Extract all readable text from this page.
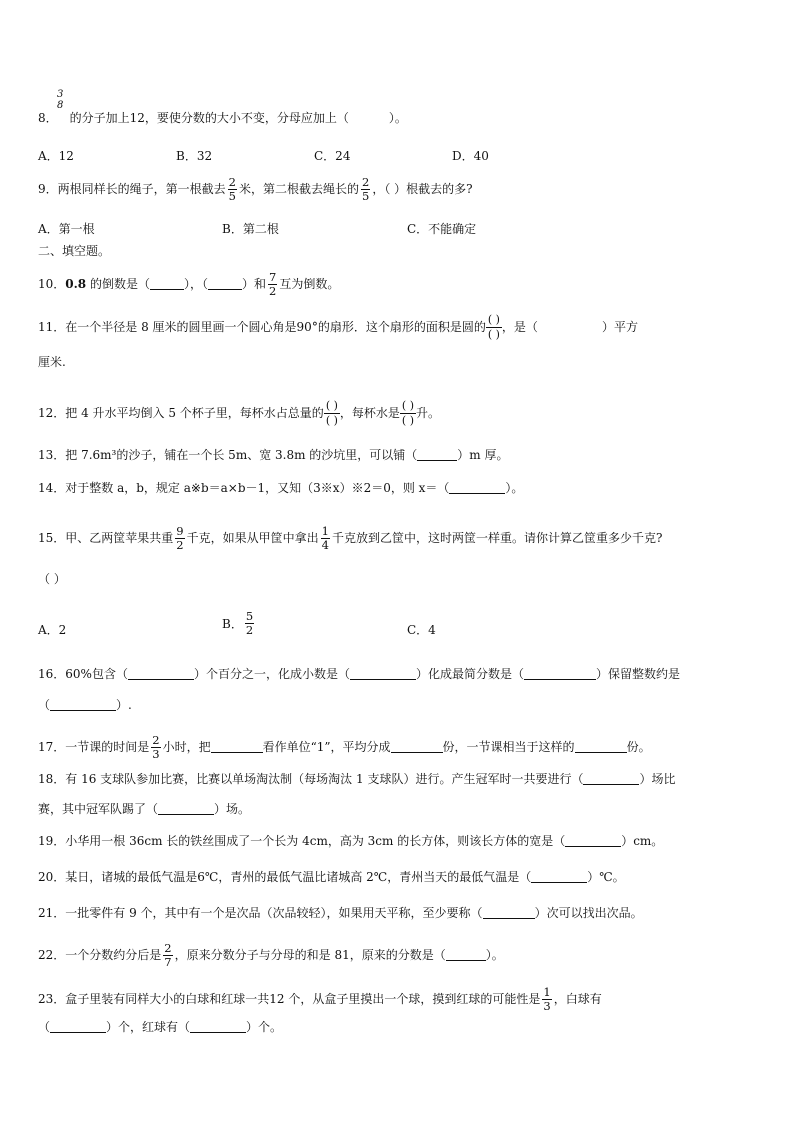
3
8
8． 的分子加上12，要使分数的大小不变，分母应加上（	）。
A．12	B．32	C．24	D．40
9．两根同样长的绳子，第一根截去 $\frac{2}{5}$ 米，第二根截去绳长的 $\frac{2}{5}$ ，（ ）根截去的多?
A．第一根	B．第二根	C．不能确定
二、填空题。
10．0.8 的倒数是（	），（	）和 $\frac{7}{2}$ 互为倒数。
11．在一个半径是 8 厘米的圆里画一个圆心角是90°的扇形．这个扇形的面积是圆的
( )
( )
，是（	）平方
厘米.
12．把 4 升水平均倒入 5 个杯子里，每杯水占总量的
( )
( )
，每杯水是
( )
( )
升。
13．把 7.6m³的沙子，铺在一个长 5m、宽 3.8m 的沙坑里，可以铺（	）m 厚。
14．对于整数 a，b，规定 a※b＝a×b－1，又知（3※x）※2＝0，则 x＝（	）。
15．甲、乙两筐苹果共重 $\frac{9}{2}$ 千克，如果从甲筐中拿出 $\frac{1}{4}$ 千克放到乙筐中，这时两筐一样重。请你计算乙筐重多少千克?
（ ）
A．2	B． $\frac{5}{2}$	C．4
16．60%包含（	）个百分之一，化成小数是（	）化成最简分数是（	）保留整数约是
（	）.
17．一节课的时间是 $\frac{2}{3}$ 小时，把	看作单位“1”，平均分成	份，一节课相当于这样的	份。
18．有 16 支球队参加比赛，比赛以单场淘汰制（每场淘汰 1 支球队）进行。产生冠军时一共要进行（	）场比
赛，其中冠军队踢了（	）场。
19．小华用一根 36cm 长的铁丝围成了一个长为 4cm，高为 3cm 的长方体，则该长方体的宽是（	）cm。
20．某日，诸城的最低气温是6℃，青州的最低气温比诸城高 2℃，青州当天的最低气温是（	）℃。
21．一批零件有 9 个，其中有一个是次品（次品较轻），如果用天平称，至少要称（	）次可以找出次品。
22．一个分数约分后是 $\frac{2}{7}$ ，原来分数分子与分母的和是 81，原来的分数是（	）。
23．盒子里装有同样大小的白球和红球一共12 个，从盒子里摸出一个球，摸到红球的可能性是 $\frac{1}{3}$ ，白球有
（	）个，红球有（	）个。
